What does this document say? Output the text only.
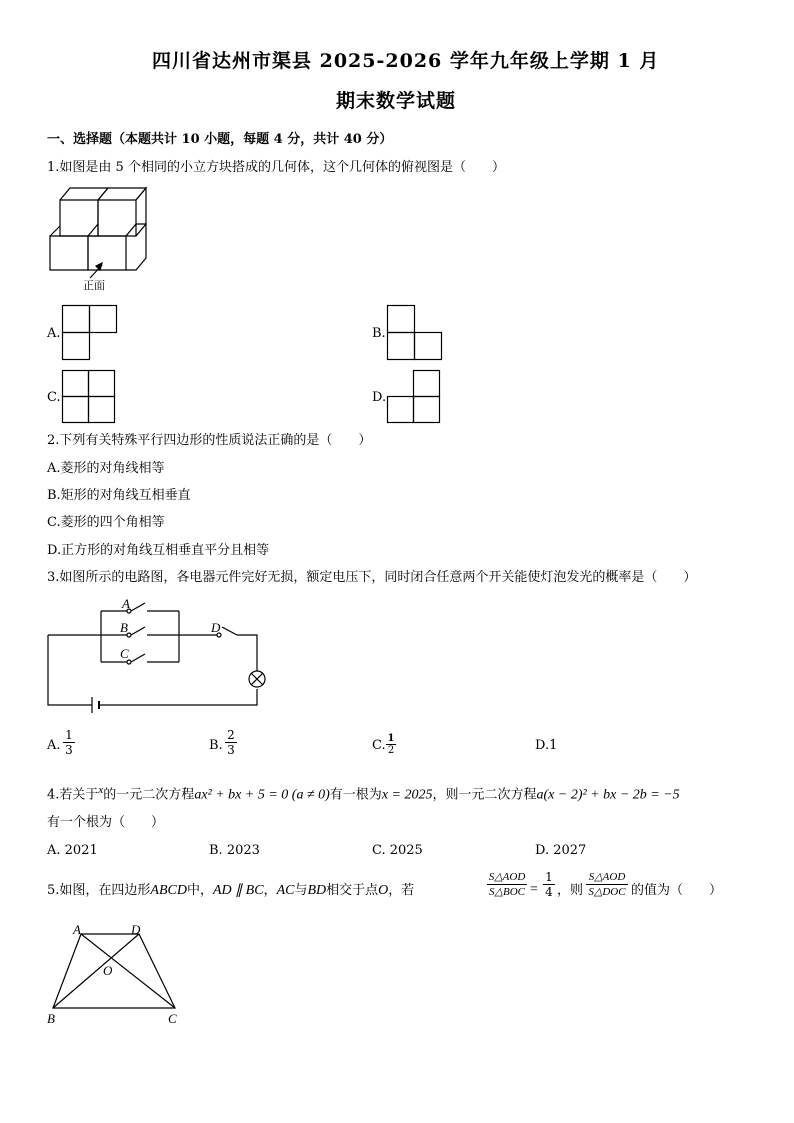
四川省达州市渠县 2025-2026 学年九年级上学期 1 月
期末数学试题
一、选择题（本题共计 10 小题，每题 4 分，共计 40 分）
1.如图是由 5 个相同的小立方块搭成的几何体，这个几何体的俯视图是（　　）
正面
A.	B.
C.	D.
2.下列有关特殊平行四边形的性质说法正确的是（　　）
A.菱形的对角线相等
B.矩形的对角线互相垂直
C.菱形的四个角相等
D.正方形的对角线互相垂直平分且相等
3.如图所示的电路图，各电器元件完好无损，额定电压下，同时闭合任意两个开关能使灯泡发光的概率是（　　）
A
B
C
D
A.
1
3	B.
2
3	C. 1
2	D.1
4.若关于$^x$的一元二次方程ax² + bx + 5 = 0 (a ≠ 0)有一根为x = 2025，则一元二次方程a(x − 2)² + bx − 2b = −5
有一个根为（　　）
A. 2021	B. 2023	C. 2025	D. 2027
5.如图，在四边形ABCD中，AD ∥ BC，AC与BD相交于点O，若
S△AOD
S△BOC =
1
4 ，则
S△AOD
S△DOC 的值为（　　）
A	D
O
B	C
